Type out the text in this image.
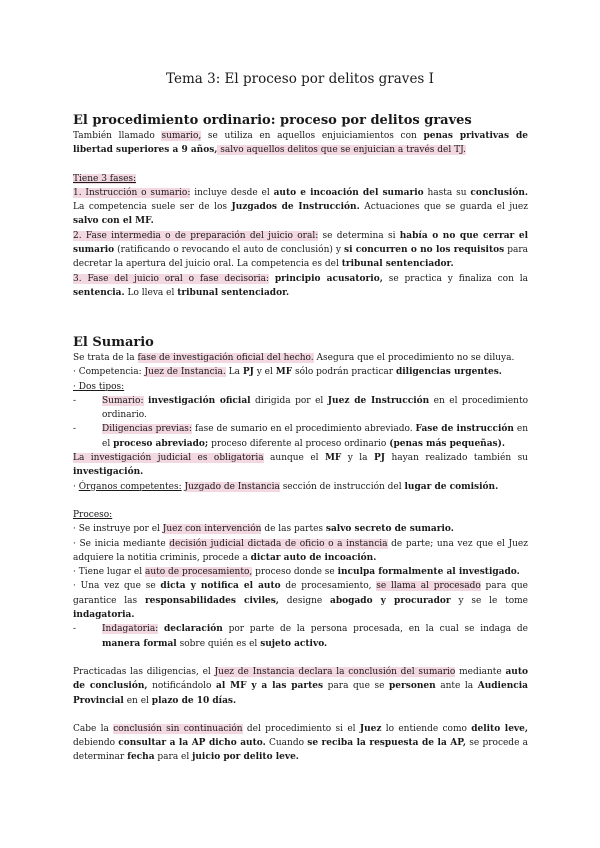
Tema 3: El proceso por delitos graves I
El procedimiento ordinario: proceso por delitos graves

También llamado sumario, se utiliza en aquellos enjuiciamientos con penas privativas de libertad superiores a 9 años, salvo aquellos delitos que se enjuician a través del TJ.

Tiene 3 fases:

1. Instrucción o sumario: incluye desde el auto e incoación del sumario hasta su conclusión. La competencia suele ser de los Juzgados de Instrucción. Actuaciones que se guarda el juez salvo con el MF.

2. Fase intermedia o de preparación del juicio oral: se determina si había o no que cerrar el sumario (ratificando o revocando el auto de conclusión) y si concurren o no los requisitos para decretar la apertura del juicio oral. La competencia es del tribunal sentenciador.

3. Fase del juicio oral o fase decisoria: principio acusatorio, se practica y finaliza con la sentencia. Lo lleva el tribunal sentenciador.

El Sumario

Se trata de la fase de investigación oficial del hecho. Asegura que el procedimiento no se diluya.

· Competencia: Juez de Instancia. La PJ y el MF sólo podrán practicar diligencias urgentes.

· Dos tipos:

-	Sumario: investigación oficial dirigida por el Juez de Instrucción en el procedimiento ordinario.

-	Diligencias previas: fase de sumario en el procedimiento abreviado. Fase de instrucción en el proceso abreviado; proceso diferente al proceso ordinario (penas más pequeñas).

La investigación judicial es obligatoria aunque el MF y la PJ hayan realizado también su investigación.

· Órganos competentes: Juzgado de Instancia sección de instrucción del lugar de comisión.

Proceso:

· Se instruye por el Juez con intervención de las partes salvo secreto de sumario.

· Se inicia mediante decisión judicial dictada de oficio o a instancia de parte; una vez que el Juez adquiere la notitia criminis, procede a dictar auto de incoación.

· Tiene lugar el auto de procesamiento, proceso donde se inculpa formalmente al investigado.

· Una vez que se dicta y notifica el auto de procesamiento, se llama al procesado para que garantice las responsabilidades civiles, designe abogado y procurador y se le tome indagatoria.

-	Indagatoria: declaración por parte de la persona procesada, en la cual se indaga de manera formal sobre quién es el sujeto activo.

Practicadas las diligencias, el Juez de Instancia declara la conclusión del sumario mediante auto de conclusión, notificándolo al MF y a las partes para que se personen ante la Audiencia Provincial en el plazo de 10 días.

Cabe la conclusión sin continuación del procedimiento si el Juez lo entiende como delito leve, debiendo consultar a la AP dicho auto. Cuando se reciba la respuesta de la AP, se procede a determinar fecha para el juicio por delito leve.
